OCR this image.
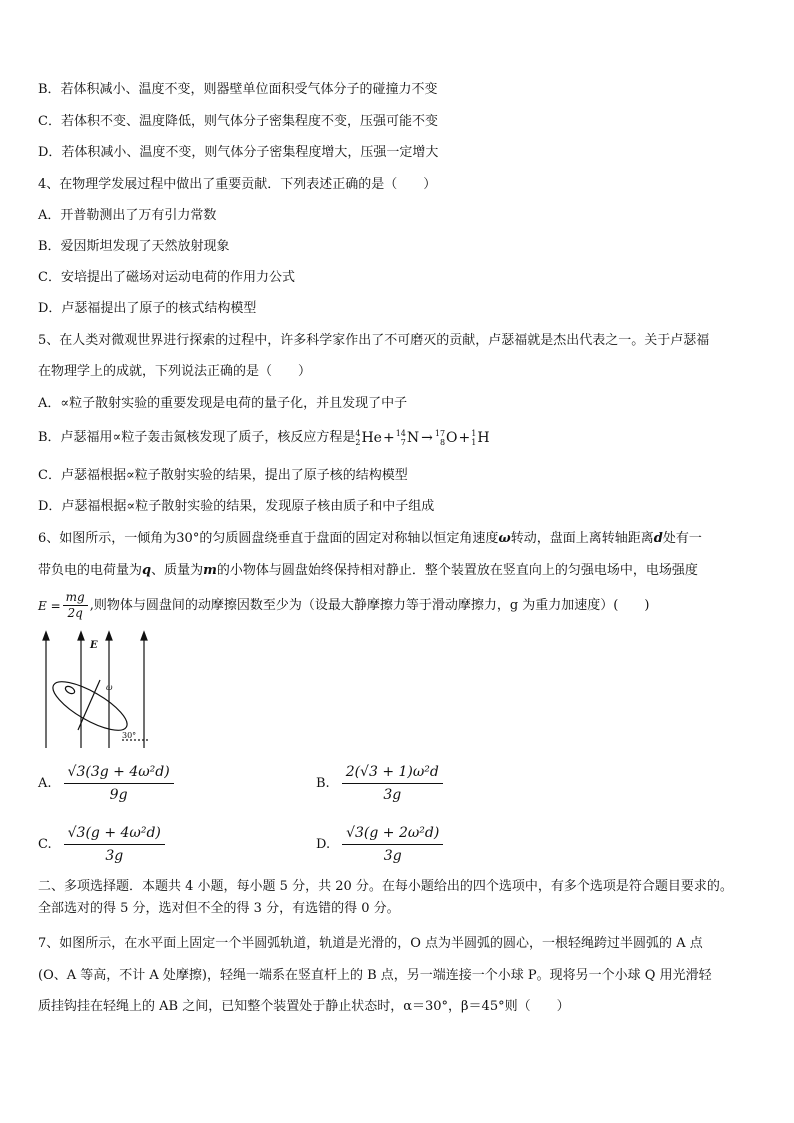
B．若体积减小、温度不变，则器壁单位面积受气体分子的碰撞力不变
C．若体积不变、温度降低，则气体分子密集程度不变，压强可能不变
D．若体积减小、温度不变，则气体分子密集程度增大，压强一定增大
4、在物理学发展过程中做出了重要贡献．下列表述正确的是（　　）
A．开普勒测出了万有引力常数
B．爱因斯坦发现了天然放射现象
C．安培提出了磁场对运动电荷的作用力公式
D．卢瑟福提出了原子的核式结构模型
5、在人类对微观世界进行探索的过程中，许多科学家作出了不可磨灭的贡献，卢瑟福就是杰出代表之一。关于卢瑟福
在物理学上的成就，下列说法正确的是（　　）
A．∝粒子散射实验的重要发现是电荷的量子化，并且发现了中子
B．卢瑟福用∝粒子轰击氮核发现了质子，核反应方程是 4
2 He + 14
7 N → 17
8 O + 1
1 H
C．卢瑟福根据∝粒子散射实验的结果，提出了原子核的结构模型
D．卢瑟福根据∝粒子散射实验的结果，发现原子核由质子和中子组成
6、如图所示，一倾角为30°的匀质圆盘绕垂直于盘面的固定对称轴以恒定角速度ω转动，盘面上离转轴距离d处有一
带负电的电荷量为q、质量为m的小物体与圆盘始终保持相对静止．整个装置放在竖直向上的匀强电场中，电场强度
$E = \frac{mg}{2q}$ ,则物体与圆盘间的动摩擦因数至少为（设最大静摩擦力等于滑动摩擦力，g 为重力加速度）(　　)
E
30°
ω
A. $\frac{\text{√3(3g + 4ω²d)}}{9g}$	B. $\frac{\text{2(√3 + 1)ω²d}}{3g}$
C. $\frac{\text{√3(g + 4ω²d)}}{3g}$	D. $\frac{\text{√3(g + 2ω²d)}}{3g}$
二、多项选择题．本题共 4 小题，每小题 5 分，共 20 分。在每小题给出的四个选项中，有多个选项是符合题目要求的。
全部选对的得 5 分，选对但不全的得 3 分，有选错的得 0 分。
7、如图所示，在水平面上固定一个半圆弧轨道，轨道是光滑的，O 点为半圆弧的圆心，一根轻绳跨过半圆弧的 A 点
(O、A 等高，不计 A 处摩擦)，轻绳一端系在竖直杆上的 B 点，另一端连接一个小球 P。现将另一个小球 Q 用光滑轻
质挂钩挂在轻绳上的 AB 之间，已知整个装置处于静止状态时，α＝30°，β＝45°则（　　）
